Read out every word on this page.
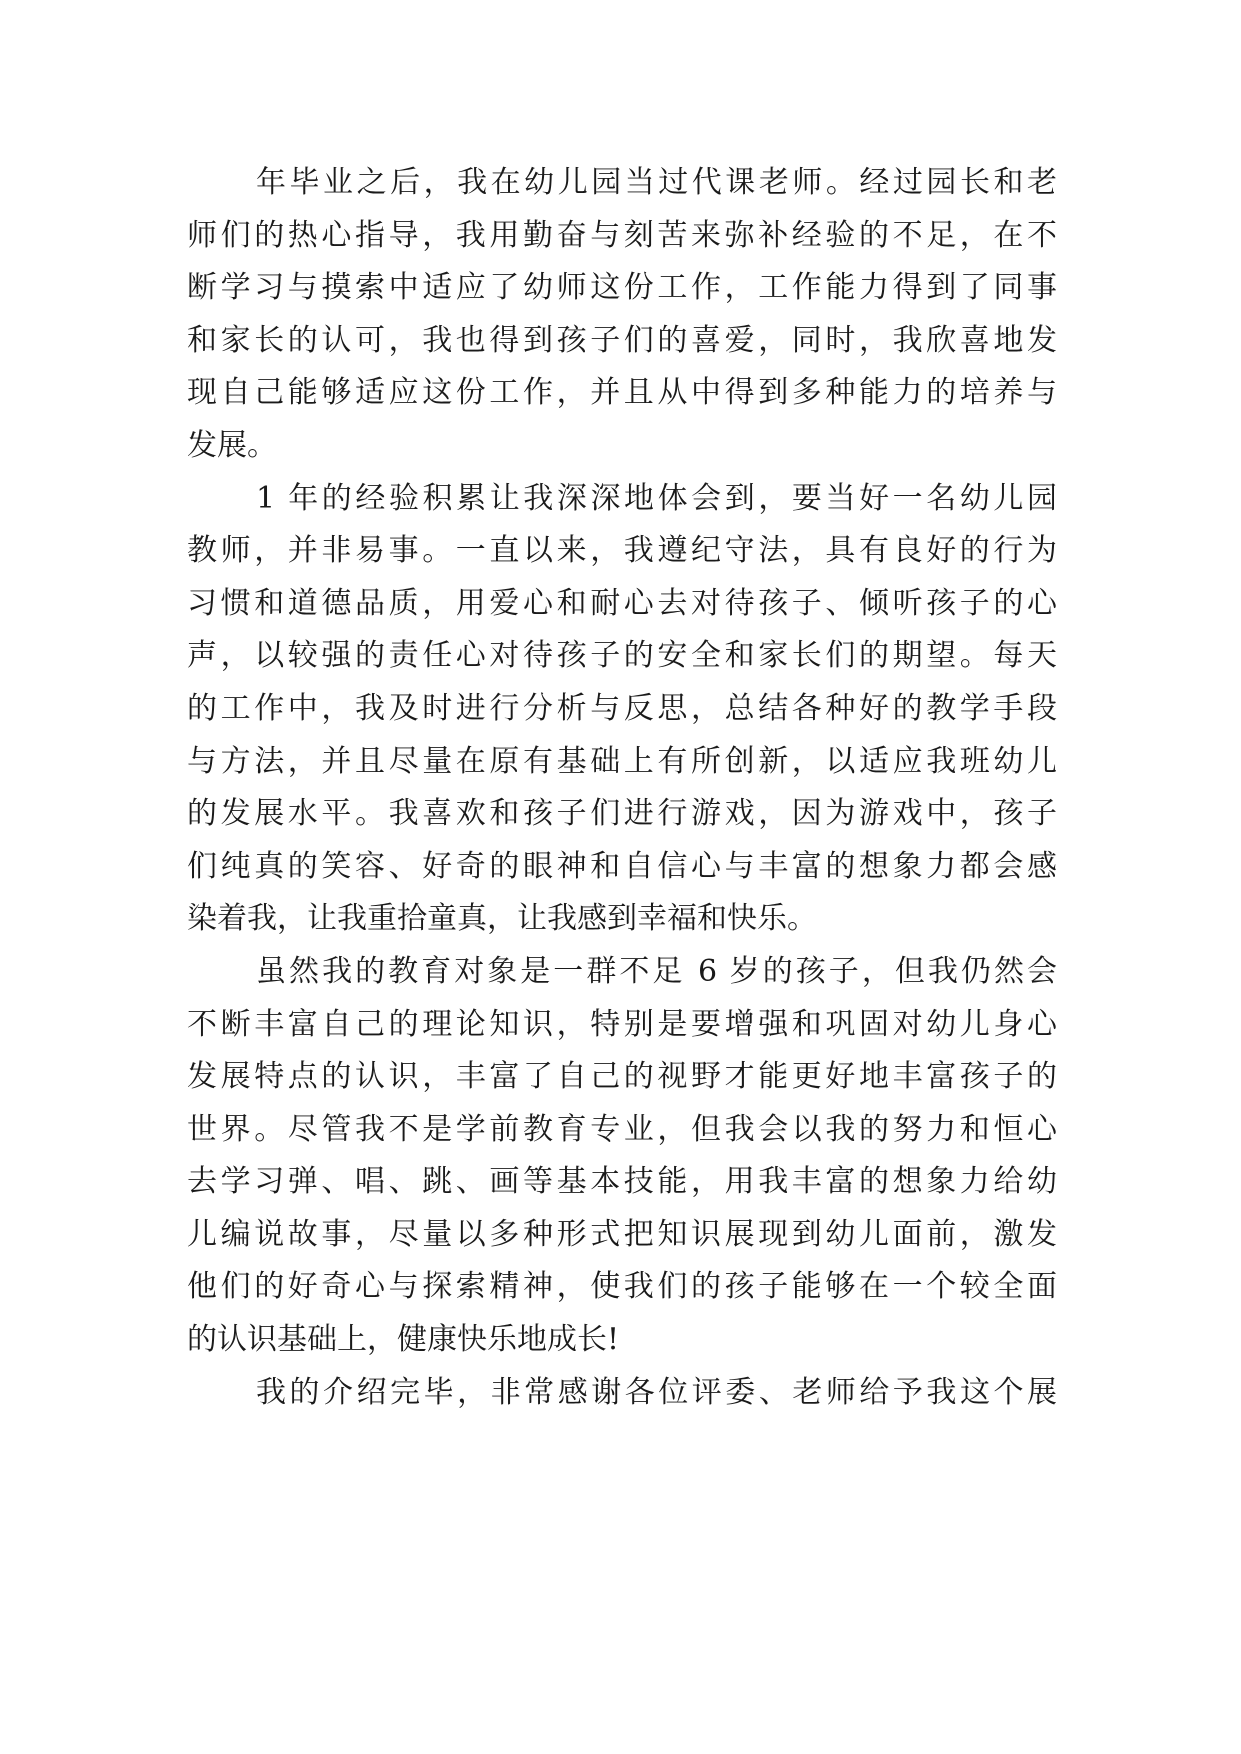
年毕业之后，我在幼儿园当过代课老师。经过园长和老
师们的热心指导，我用勤奋与刻苦来弥补经验的不足，在不
断学习与摸索中适应了幼师这份工作，工作能力得到了同事
和家长的认可，我也得到孩子们的喜爱，同时，我欣喜地发
现自己能够适应这份工作，并且从中得到多种能力的培养与
发展。
1 年的经验积累让我深深地体会到，要当好一名幼儿园
教师，并非易事。一直以来，我遵纪守法，具有良好的行为
习惯和道德品质，用爱心和耐心去对待孩子、倾听孩子的心
声，以较强的责任心对待孩子的安全和家长们的期望。每天
的工作中，我及时进行分析与反思，总结各种好的教学手段
与方法，并且尽量在原有基础上有所创新，以适应我班幼儿
的发展水平。我喜欢和孩子们进行游戏，因为游戏中，孩子
们纯真的笑容、好奇的眼神和自信心与丰富的想象力都会感
染着我，让我重拾童真，让我感到幸福和快乐。
虽然我的教育对象是一群不足 6 岁的孩子，但我仍然会
不断丰富自己的理论知识，特别是要增强和巩固对幼儿身心
发展特点的认识，丰富了自己的视野才能更好地丰富孩子的
世界。尽管我不是学前教育专业，但我会以我的努力和恒心
去学习弹、唱、跳、画等基本技能，用我丰富的想象力给幼
儿编说故事，尽量以多种形式把知识展现到幼儿面前，激发
他们的好奇心与探索精神，使我们的孩子能够在一个较全面
的认识基础上，健康快乐地成长!
我的介绍完毕，非常感谢各位评委、老师给予我这个展
